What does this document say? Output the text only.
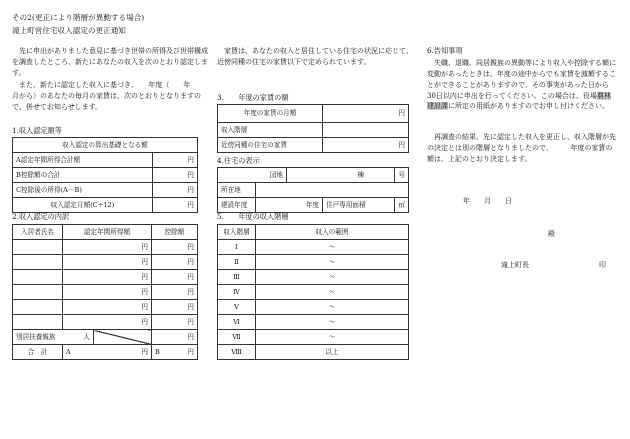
その2(更正により階層が異動する場合)
滝上町営住宅収入認定の更正通知
先に申出がありました意見に基づき世帯の所得及び世帯構成を調査したところ、新たにあなたの収入を次のとおり認定します。
また、新たに認定した収入に基づき、　　年度（　　年　　月から）のあなたの毎月の家賃は、次のとおりとなりますので、併せてお知らせします。
1.収入認定額等
収入認定の算出基礎となる額	
A認定年間所得合計額	円
B控除額の合計	円
C控除後の所得(A－B)	円
収入認定月額(C÷12)	円
2.収入認定の内訳
入居者氏名	認定年間所得額		控除額
	円		円
	円		円
	円		円
	円		円
	円		円
	円		円
別居扶養親族 人			円
合　計	A 円		B 円
家賃は、あなたの収入と居住している住宅の状況に応じて、近傍同種の住宅の家賃以下で定められています。
3.　　年度の家賃の額
年度の家賃の月額	円
収入階層	
近傍同種の住宅の家賃	円
4.住宅の表示
団地		棟		号
所在地				
建設年度	年度		住戸専用面積	㎡
5.　　年度の収入階層
収入階層	収入の範囲
Ⅰ	～
Ⅱ	～
Ⅲ	～
Ⅳ	～
Ⅴ	～
Ⅵ	～
Ⅶ	～
Ⅷ	以上
6.告知事項
失職、退職、同居親族の異動等により収入や控除する額に変動があったときは、年度の途中からでも家賃を減額することができることがありますので、その事実があった日から30日以内に申出を行ってください。この場合は、役場農林建設課に所定の用紙がありますのでお申し付けください。
再調査の結果、先に認定した収入を更正し、収入階層が先の決定とは別の階層となりましたので、　　　年度の家賃の額は、上記のとおり決定します。
年　　月　　日
殿
滝上町長	印
